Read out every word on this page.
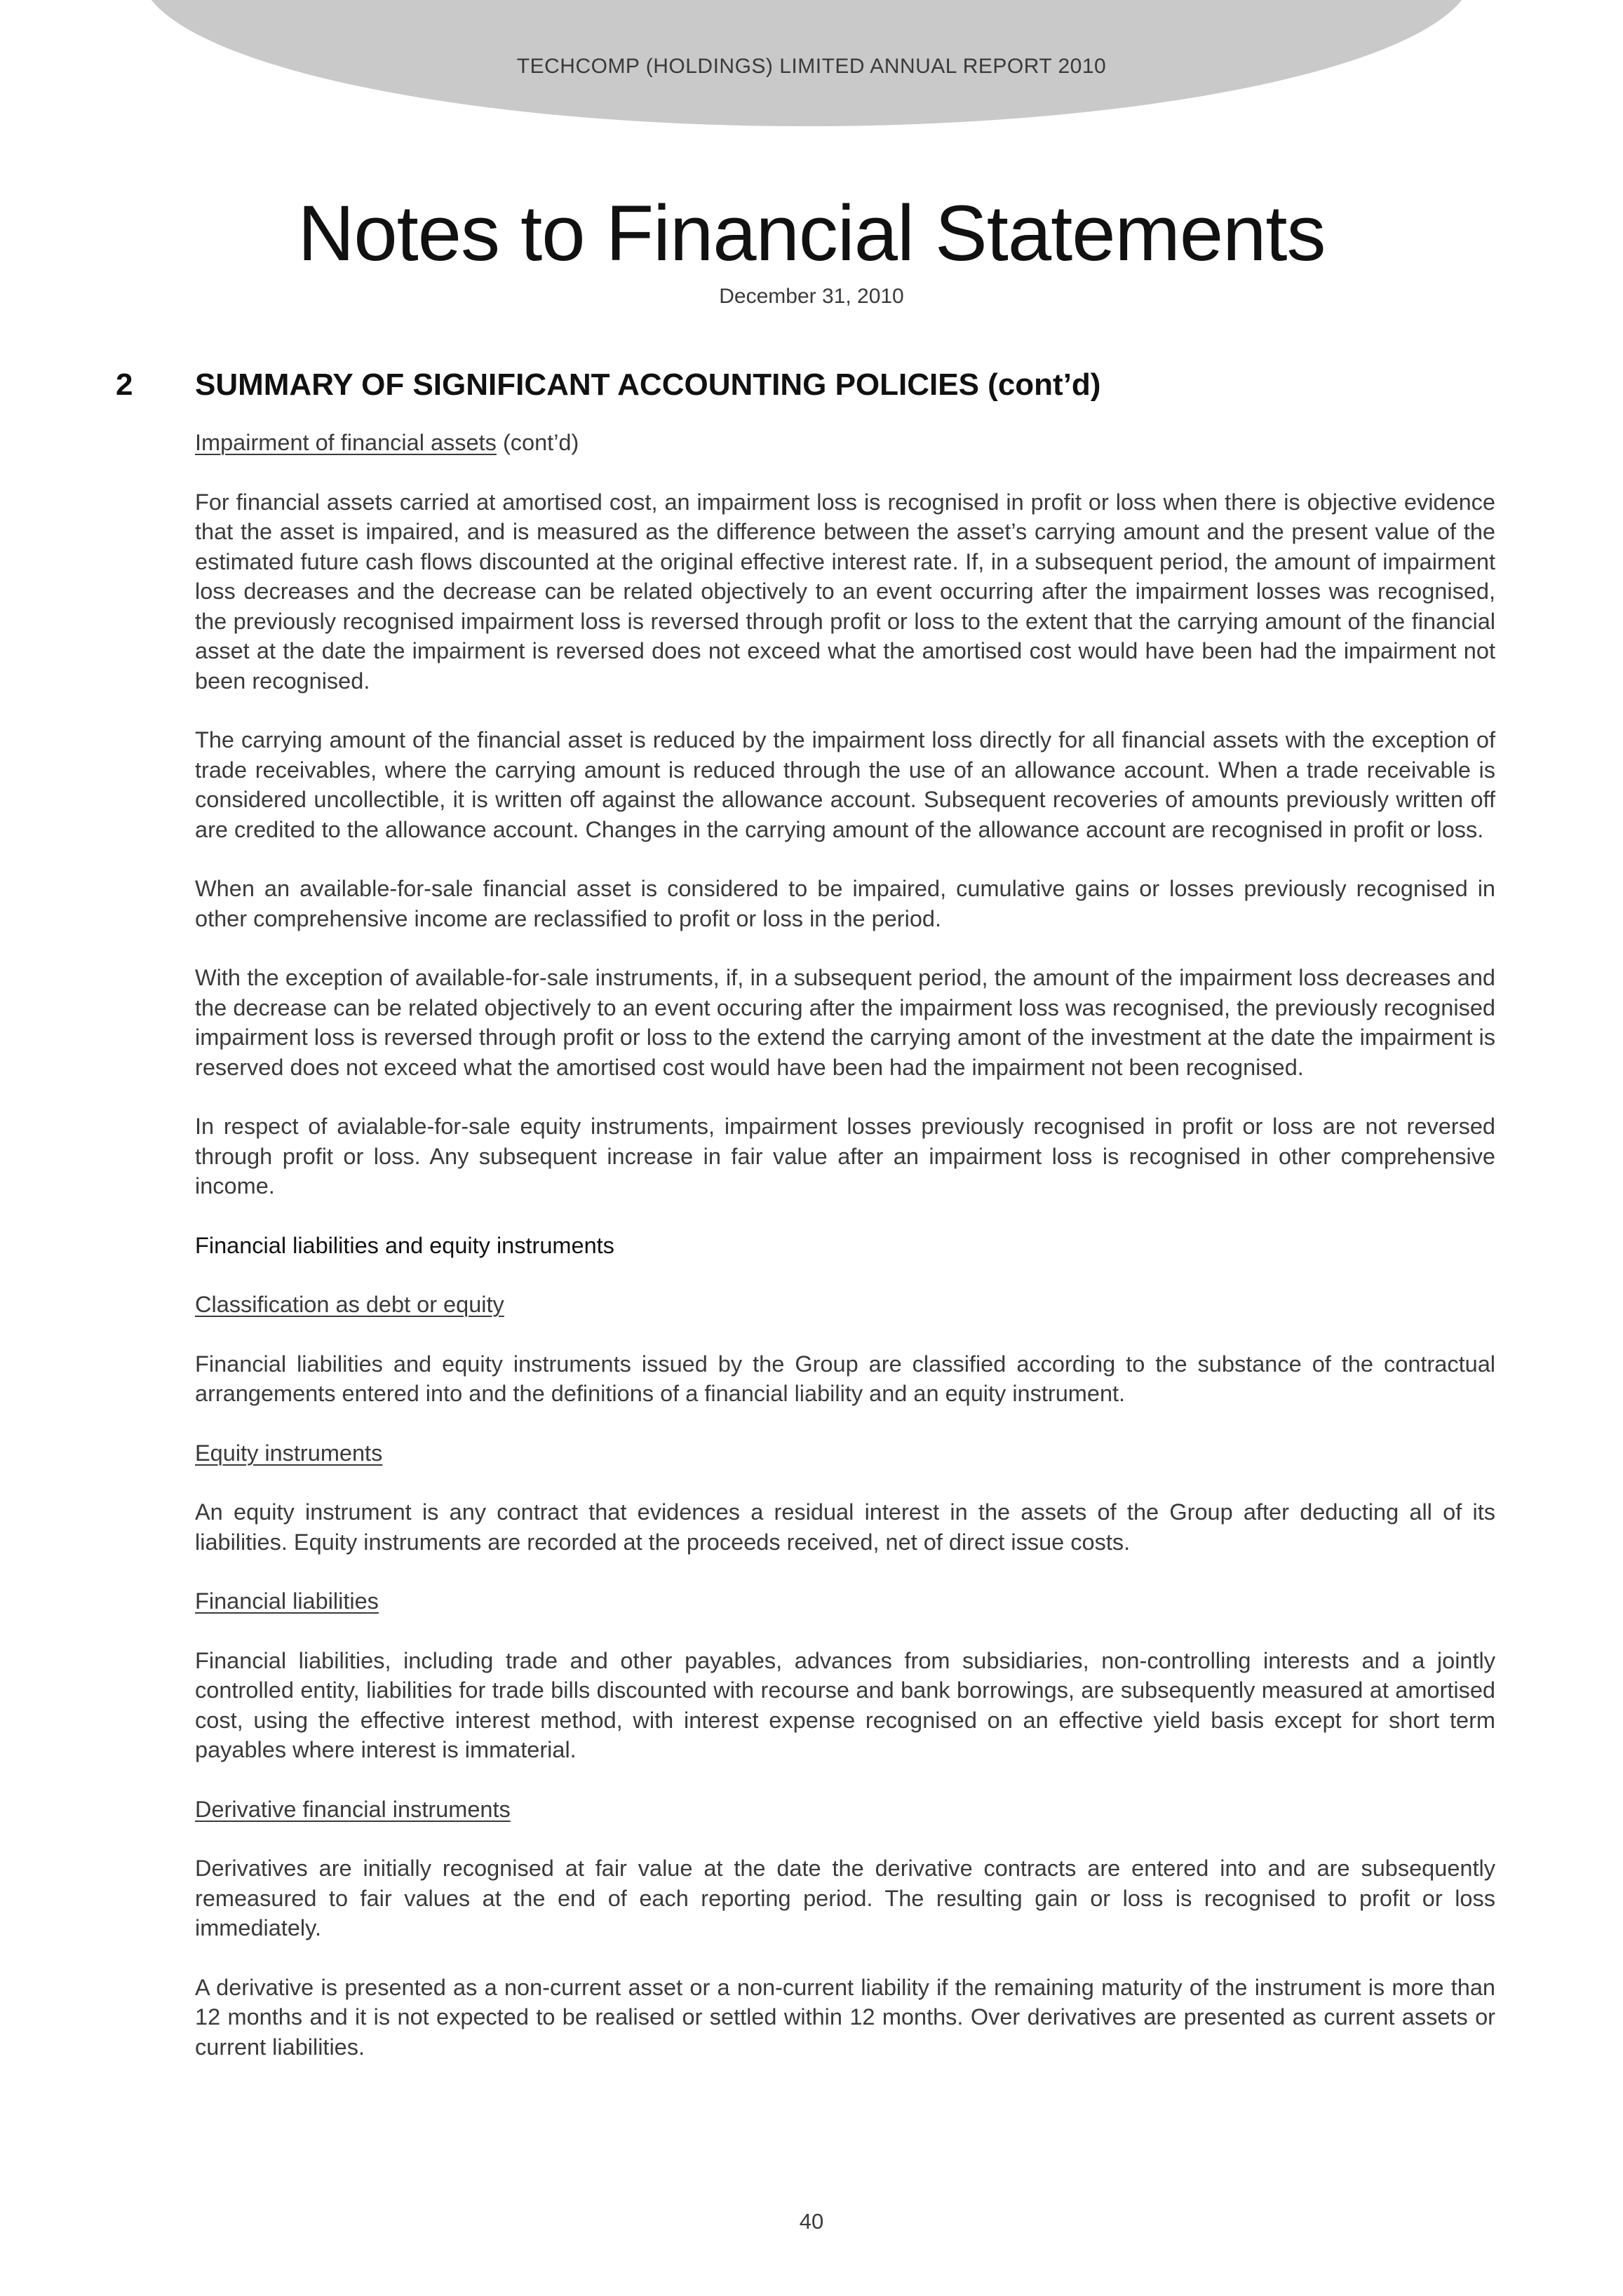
TECHCOMP (HOLDINGS) LIMITED ANNUAL REPORT 2010
Notes to Financial Statements
December 31, 2010
2 SUMMARY OF SIGNIFICANT ACCOUNTING POLICIES (cont’d)

Impairment of financial assets (cont’d)

For financial assets carried at amortised cost, an impairment loss is recognised in profit or loss when there is objective evidence that the asset is impaired, and is measured as the difference between the asset’s carrying amount and the present value of the estimated future cash flows discounted at the original effective interest rate. If, in a subsequent period, the amount of impairment loss decreases and the decrease can be related objectively to an event occurring after the impairment losses was recognised, the previously recognised impairment loss is reversed through profit or loss to the extent that the carrying amount of the financial asset at the date the impairment is reversed does not exceed what the amortised cost would have been had the impairment not been recognised.

The carrying amount of the financial asset is reduced by the impairment loss directly for all financial assets with the exception of trade receivables, where the carrying amount is reduced through the use of an allowance account. When a trade receivable is considered uncollectible, it is written off against the allowance account. Subsequent recoveries of amounts previously written off are credited to the allowance account. Changes in the carrying amount of the allowance account are recognised in profit or loss.

When an available-for-sale financial asset is considered to be impaired, cumulative gains or losses previously recognised in other comprehensive income are reclassified to profit or loss in the period.

With the exception of available-for-sale instruments, if, in a subsequent period, the amount of the impairment loss decreases and the decrease can be related objectively to an event occuring after the impairment loss was recognised, the previously recognised impairment loss is reversed through profit or loss to the extend the carrying amont of the investment at the date the impairment is reserved does not exceed what the amortised cost would have been had the impairment not been recognised.

In respect of avialable-for-sale equity instruments, impairment losses previously recognised in profit or loss are not reversed through profit or loss. Any subsequent increase in fair value after an impairment loss is recognised in other comprehensive income.

Financial liabilities and equity instruments

Classification as debt or equity

Financial liabilities and equity instruments issued by the Group are classified according to the substance of the contractual arrangements entered into and the definitions of a financial liability and an equity instrument.

Equity instruments

An equity instrument is any contract that evidences a residual interest in the assets of the Group after deducting all of its liabilities. Equity instruments are recorded at the proceeds received, net of direct issue costs.

Financial liabilities

Financial liabilities, including trade and other payables, advances from subsidiaries, non-controlling interests and a jointly controlled entity, liabilities for trade bills discounted with recourse and bank borrowings, are subsequently measured at amortised cost, using the effective interest method, with interest expense recognised on an effective yield basis except for short term payables where interest is immaterial.

Derivative financial instruments

Derivatives are initially recognised at fair value at the date the derivative contracts are entered into and are subsequently remeasured to fair values at the end of each reporting period. The resulting gain or loss is recognised to profit or loss immediately.

A derivative is presented as a non-current asset or a non-current liability if the remaining maturity of the instrument is more than 12 months and it is not expected to be realised or settled within 12 months. Over derivatives are presented as current assets or current liabilities.

40
